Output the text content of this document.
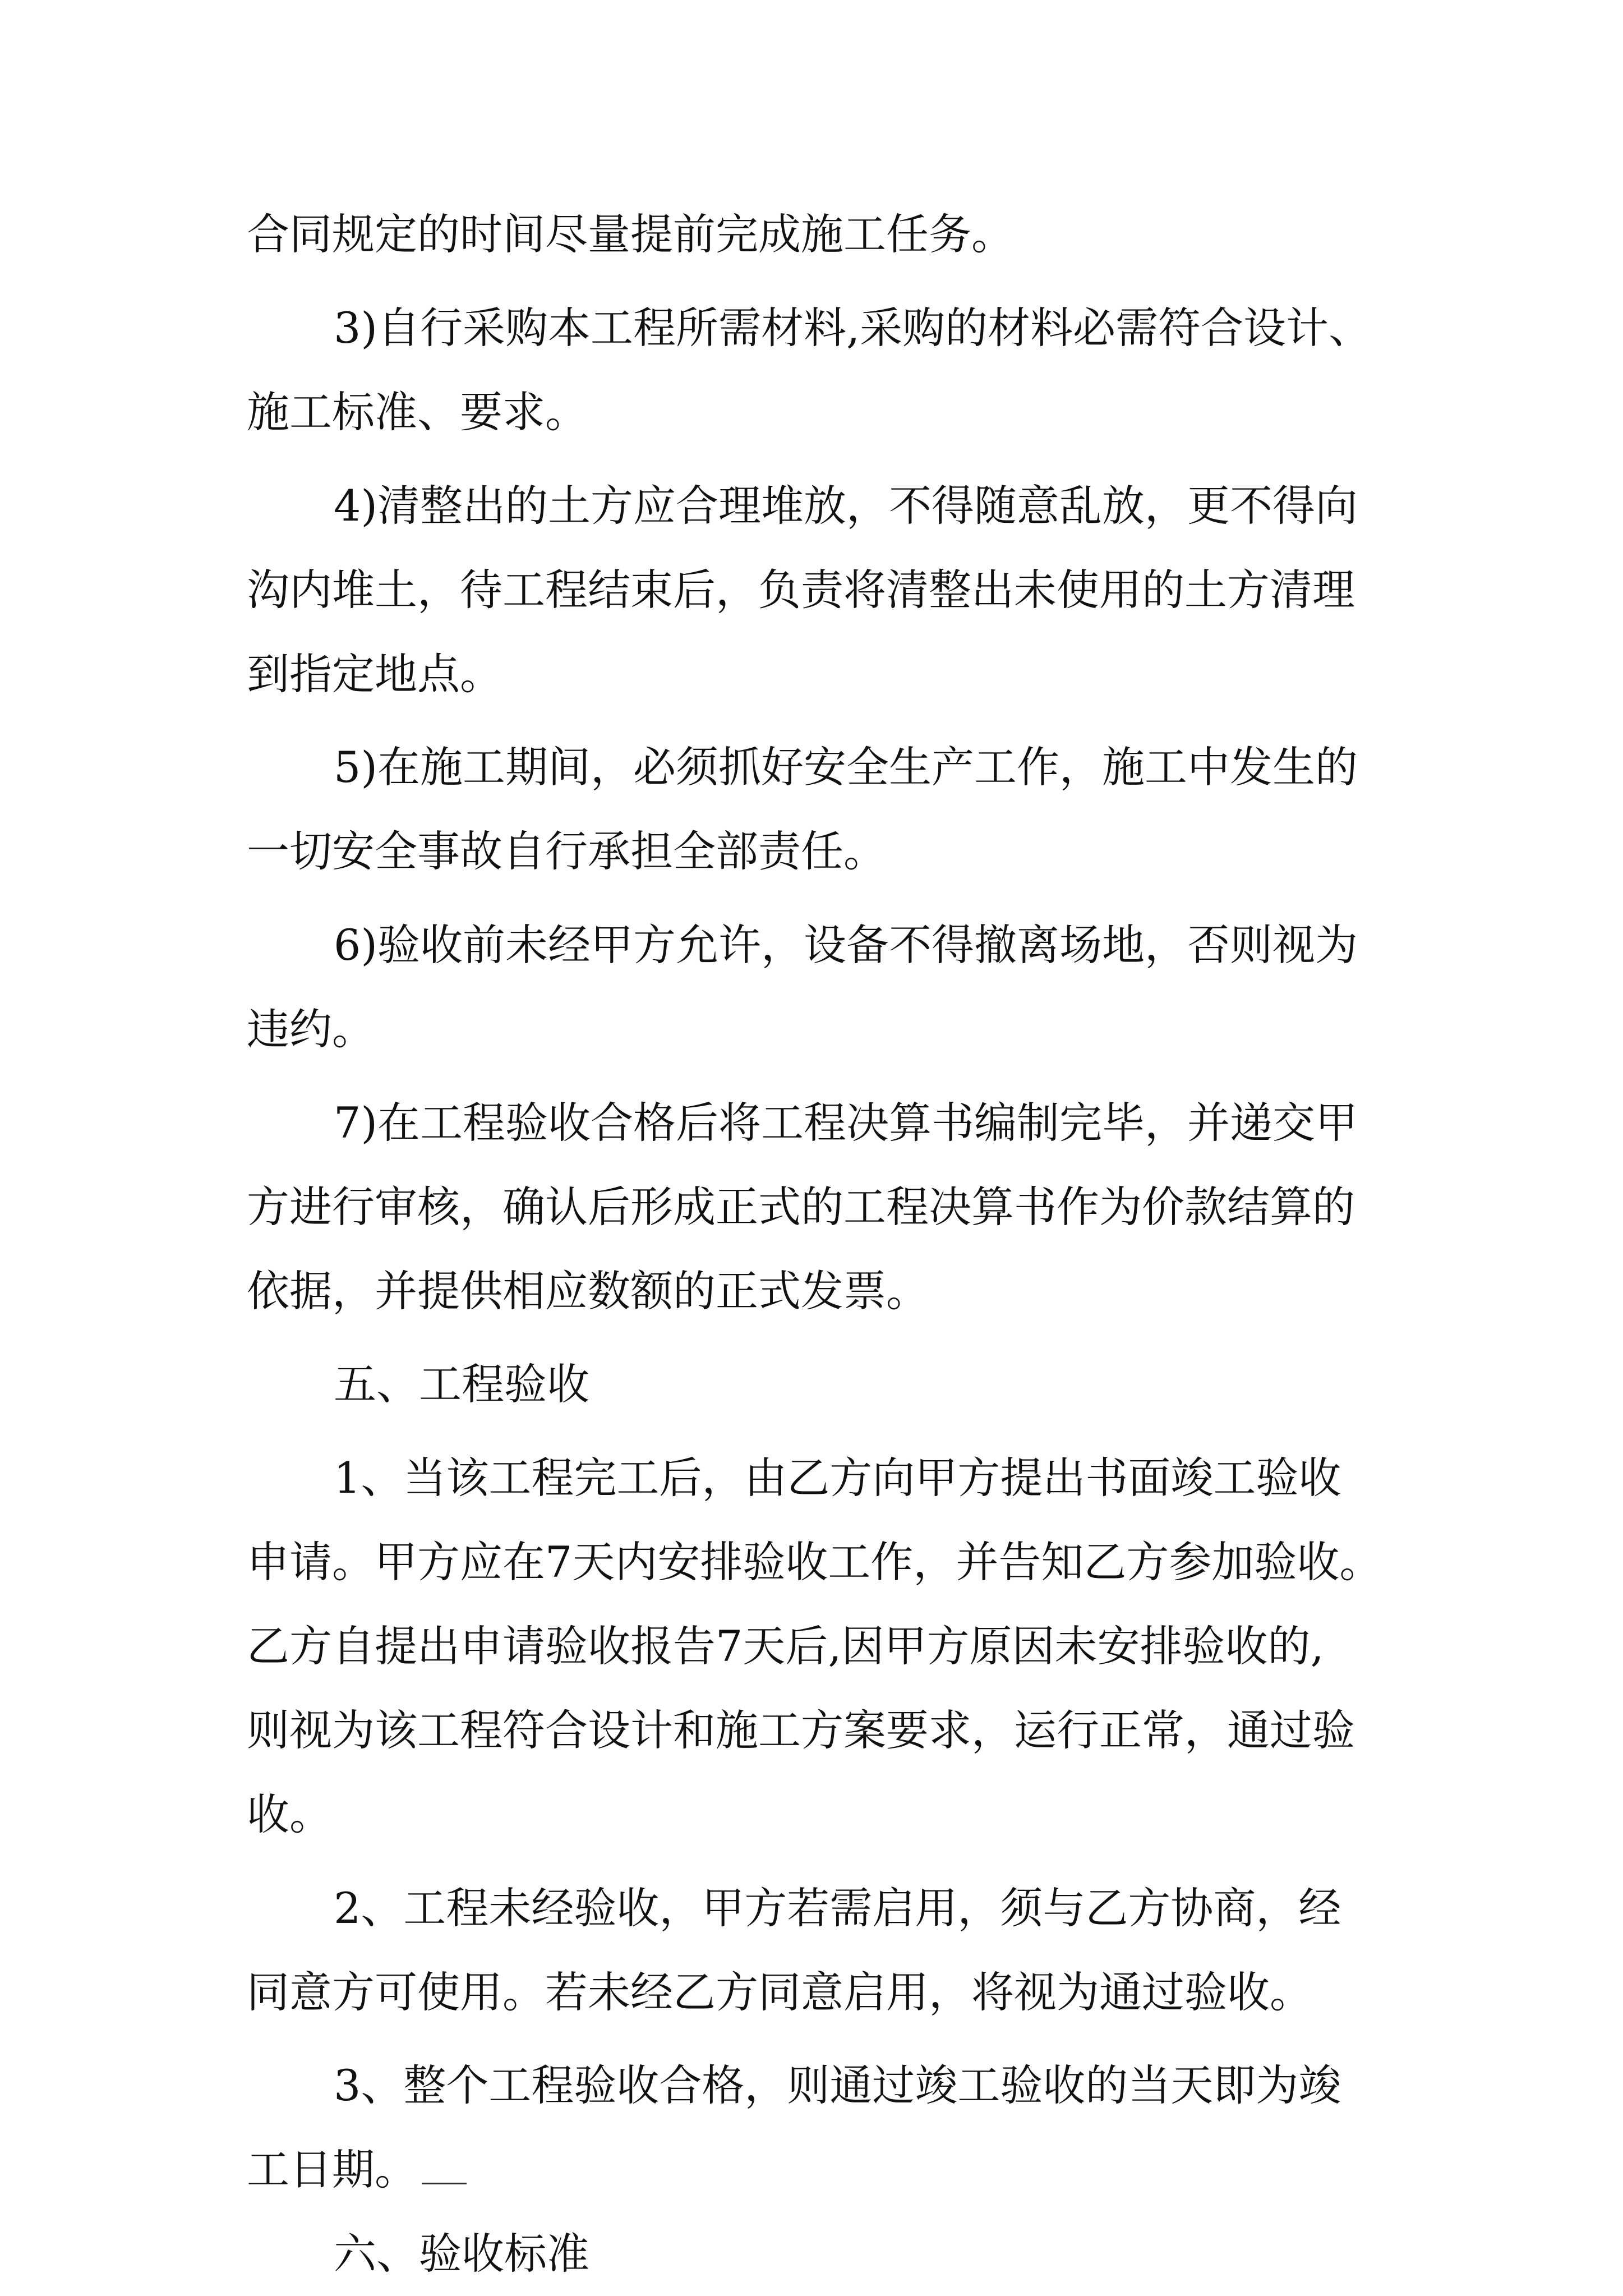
合同规定的时间尽量提前完成施工任务。

3)自行采购本工程所需材料,采购的材料必需符合设计、

施工标准、要求。

4)清整出的土方应合理堆放，不得随意乱放，更不得向

沟内堆土，待工程结束后，负责将清整出未使用的土方清理

到指定地点。

5)在施工期间，必须抓好安全生产工作，施工中发生的

一切安全事故自行承担全部责任。

6)验收前未经甲方允许，设备不得撤离场地，否则视为

违约。

7)在工程验收合格后将工程决算书编制完毕，并递交甲

方进行审核，确认后形成正式的工程决算书作为价款结算的

依据，并提供相应数额的正式发票。

五、工程验收

1、当该工程完工后，由乙方向甲方提出书面竣工验收

申请。甲方应在7天内安排验收工作，并告知乙方参加验收。

乙方自提出申请验收报告7天后,因甲方原因未安排验收的,

则视为该工程符合设计和施工方案要求，运行正常，通过验

收。

2、工程未经验收，甲方若需启用，须与乙方协商，经

同意方可使用。若未经乙方同意启用，将视为通过验收。

3、整个工程验收合格，则通过竣工验收的当天即为竣

工日期。

六、验收标准
